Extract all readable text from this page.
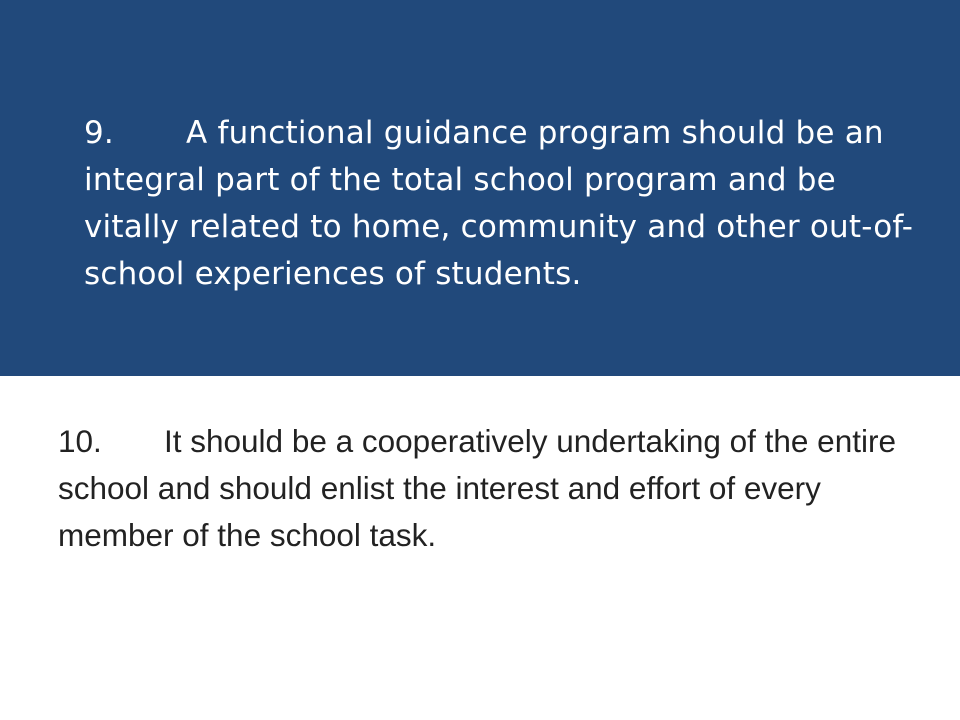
9. A functional guidance program should be an integral part of the total school program and be vitally related to home, community and other out-of-school experiences of students.

10. It should be a cooperatively undertaking of the entire school and should enlist the interest and effort of every member of the school task.
